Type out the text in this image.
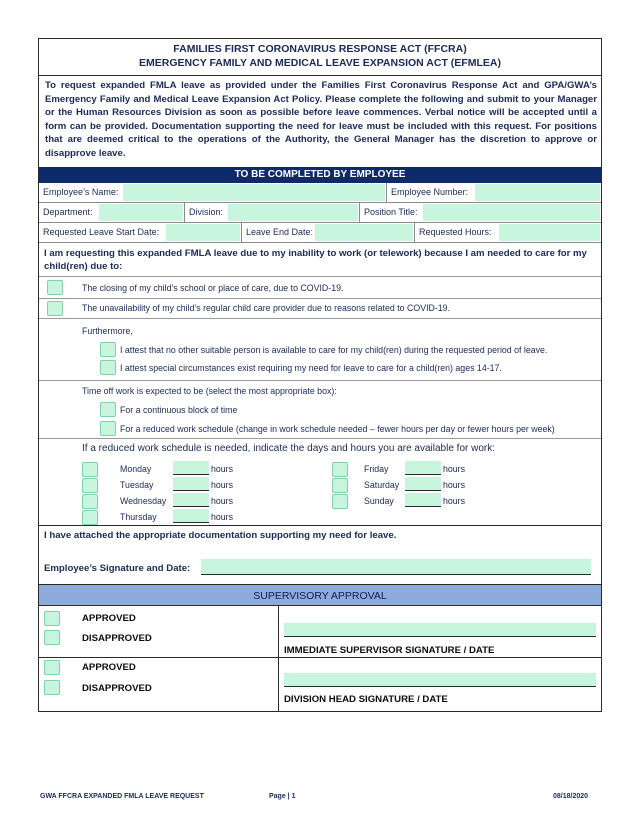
FAMILIES FIRST CORONAVIRUS RESPONSE ACT (FFCRA)
EMERGENCY FAMILY AND MEDICAL LEAVE EXPANSION ACT (EFMLEA)
To request expanded FMLA leave as provided under the Families First Coronavirus Response Act and GPA/GWA’s Emergency Family and Medical Leave Expansion Act Policy. Please complete the following and submit to your Manager or the Human Resources Division as soon as possible before leave commences. Verbal notice will be accepted until a form can be provided. Documentation supporting the need for leave must be included with this request. For positions that are deemed critical to the operations of the Authority, the General Manager has the discretion to approve or disapprove leave.
TO BE COMPLETED BY EMPLOYEE
Employee’s Name:	Employee Number:
Department:	Division:	Position Title:
Requested Leave Start Date:	Leave End Date:	Requested Hours:
I am requesting this expanded FMLA leave due to my inability to work (or telework) because I am needed to care for my child(ren) due to:
The closing of my child’s school or place of care, due to COVID-19.
The unavailability of my child’s regular child care provider due to reasons related to COVID-19.
Furthermore,
I attest that no other suitable person is available to care for my child(ren) during the requested period of leave.
I attest special circumstances exist requiring my need for leave to care for a child(ren) ages 14-17.
Time off work is expected to be (select the most appropriate box):
For a continuous block of time
For a reduced work schedule (change in work schedule needed – fewer hours per day or fewer hours per week)
If a reduced work schedule is needed, indicate the days and hours you are available for work:
Monday	hours
Tuesday	hours
Wednesday	hours
Thursday	hours
Friday	hours
Saturday	hours
Sunday	hours
I have attached the appropriate documentation supporting my need for leave.
Employee’s Signature and Date:
SUPERVISORY APPROVAL
APPROVED
DISAPPROVED
IMMEDIATE SUPERVISOR SIGNATURE / DATE
APPROVED
DISAPPROVED
DIVISION HEAD SIGNATURE / DATE
GWA FFCRA EXPANDED FMLA LEAVE REQUEST	Page | 1	08/18/2020
